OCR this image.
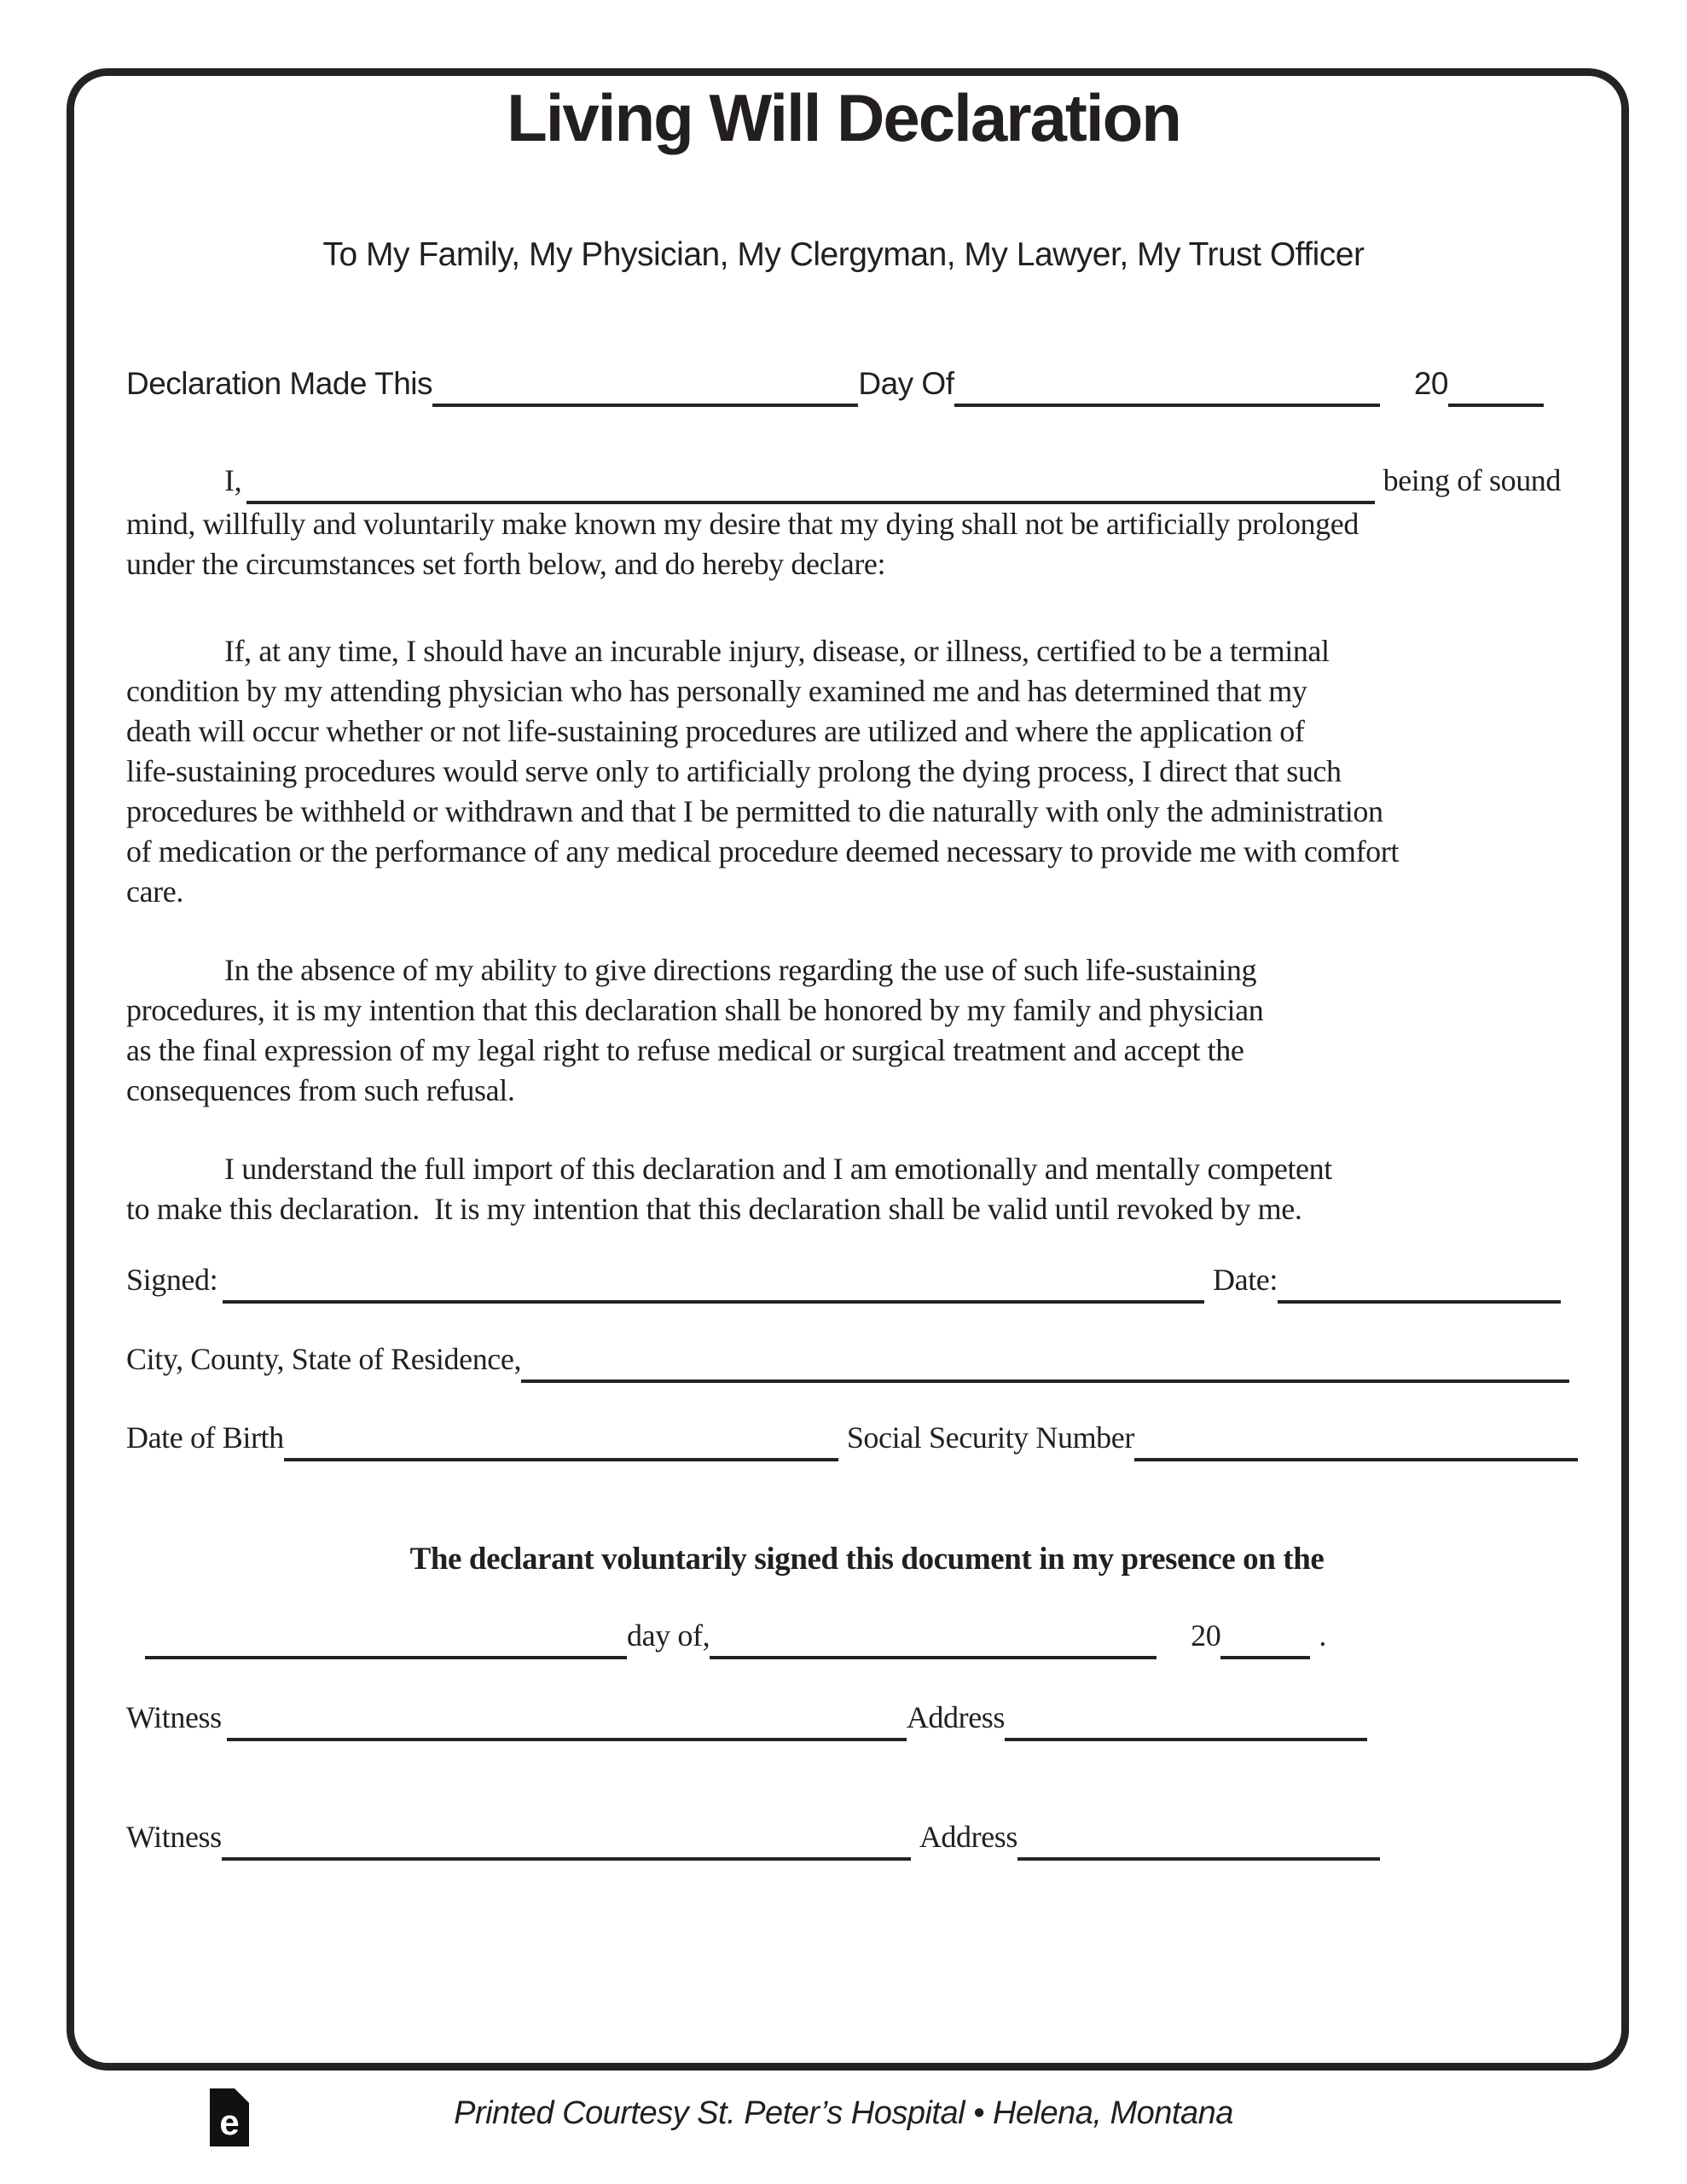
Living Will Declaration
To My Family, My Physician, My Clergyman, My Lawyer, My Trust Officer
Declaration Made This	Day Of	20
I,	being of sound
mind, willfully and voluntarily make known my desire that my dying shall not be artificially prolonged
under the circumstances set forth below, and do hereby declare:
If, at any time, I should have an incurable injury, disease, or illness, certified to be a terminal
condition by my attending physician who has personally examined me and has determined that my
death will occur whether or not life-sustaining procedures are utilized and where the application of
life-sustaining procedures would serve only to artificially prolong the dying process, I direct that such
procedures be withheld or withdrawn and that I be permitted to die naturally with only the administration
of medication or the performance of any medical procedure deemed necessary to provide me with comfort
care.
In the absence of my ability to give directions regarding the use of such life-sustaining
procedures, it is my intention that this declaration shall be honored by my family and physician
as the final expression of my legal right to refuse medical or surgical treatment and accept the
consequences from such refusal.
I understand the full import of this declaration and I am emotionally and mentally competent
to make this declaration.  It is my intention that this declaration shall be valid until revoked by me.
Signed:	Date:
City, County, State of Residence,
Date of Birth	Social Security Number
The declarant voluntarily signed this document in my presence on the
day of,	20	.
Witness	Address
Witness	Address
e	Printed Courtesy St. Peter’s Hospital • Helena, Montana
